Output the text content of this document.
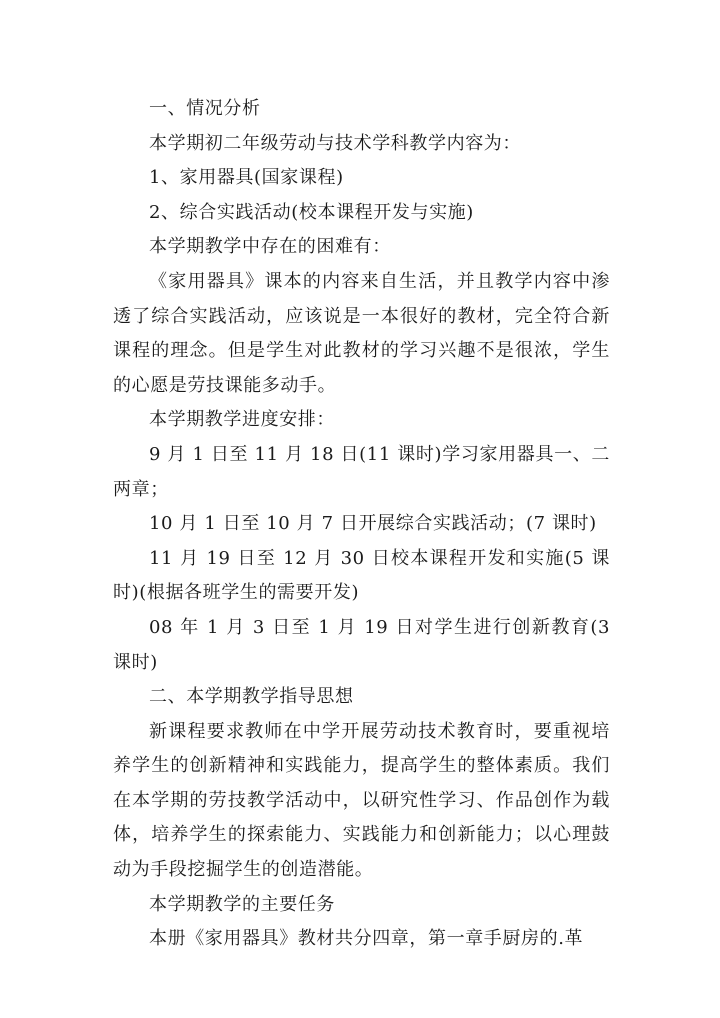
一、情况分析

本学期初二年级劳动与技术学科教学内容为：

1、家用器具(国家课程)

2、综合实践活动(校本课程开发与实施)

本学期教学中存在的困难有：

《家用器具》课本的内容来自生活，并且教学内容中渗透了综合实践活动，应该说是一本很好的教材，完全符合新课程的理念。但是学生对此教材的学习兴趣不是很浓，学生的心愿是劳技课能多动手。

本学期教学进度安排：

9 月 1 日至 11 月 18 日(11 课时)学习家用器具一、二两章；

10 月 1 日至 10 月 7 日开展综合实践活动；(7 课时)

11 月 19 日至 12 月 30 日校本课程开发和实施(5 课时)(根据各班学生的需要开发)

08 年 1 月 3 日至 1 月 19 日对学生进行创新教育(3 课时)

二、本学期教学指导思想

新课程要求教师在中学开展劳动技术教育时，要重视培养学生的创新精神和实践能力，提高学生的整体素质。我们在本学期的劳技教学活动中，以研究性学习、作品创作为载体，培养学生的探索能力、实践能力和创新能力；以心理鼓动为手段挖掘学生的创造潜能。

本学期教学的主要任务

本册《家用器具》教材共分四章，第一章手厨房的.革
